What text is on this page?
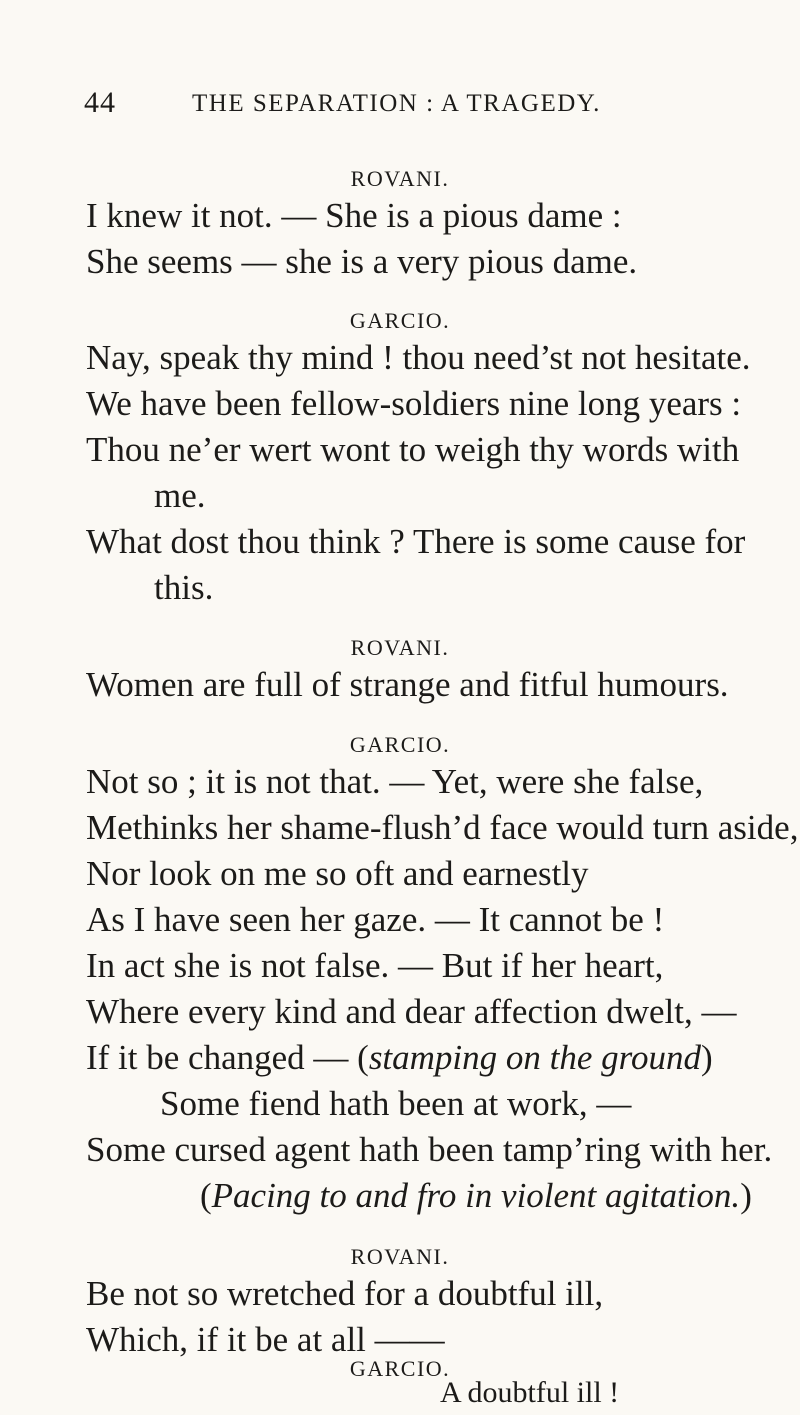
44	THE SEPARATION : A TRAGEDY.
ROVANI.
I knew it not. — She is a pious dame :
She seems — she is a very pious dame.
GARCIO.
Nay, speak thy mind ! thou need’st not hesitate.
We have been fellow-soldiers nine long years :
Thou ne’er wert wont to weigh thy words with
me.
What dost thou think ? There is some cause for
this.
ROVANI.
Women are full of strange and fitful humours.
GARCIO.
Not so ; it is not that. — Yet, were she false,
Methinks her shame-flush’d face would turn aside,
Nor look on me so oft and earnestly
As I have seen her gaze. — It cannot be !
In act she is not false. — But if her heart,
Where every kind and dear affection dwelt, —
If it be changed — (stamping on the ground)
Some fiend hath been at work, —
Some cursed agent hath been tamp’ring with her.
(Pacing to and fro in violent agitation.)
ROVANI.
Be not so wretched for a doubtful ill,
Which, if it be at all ——
GARCIO.
A doubtful ill !
